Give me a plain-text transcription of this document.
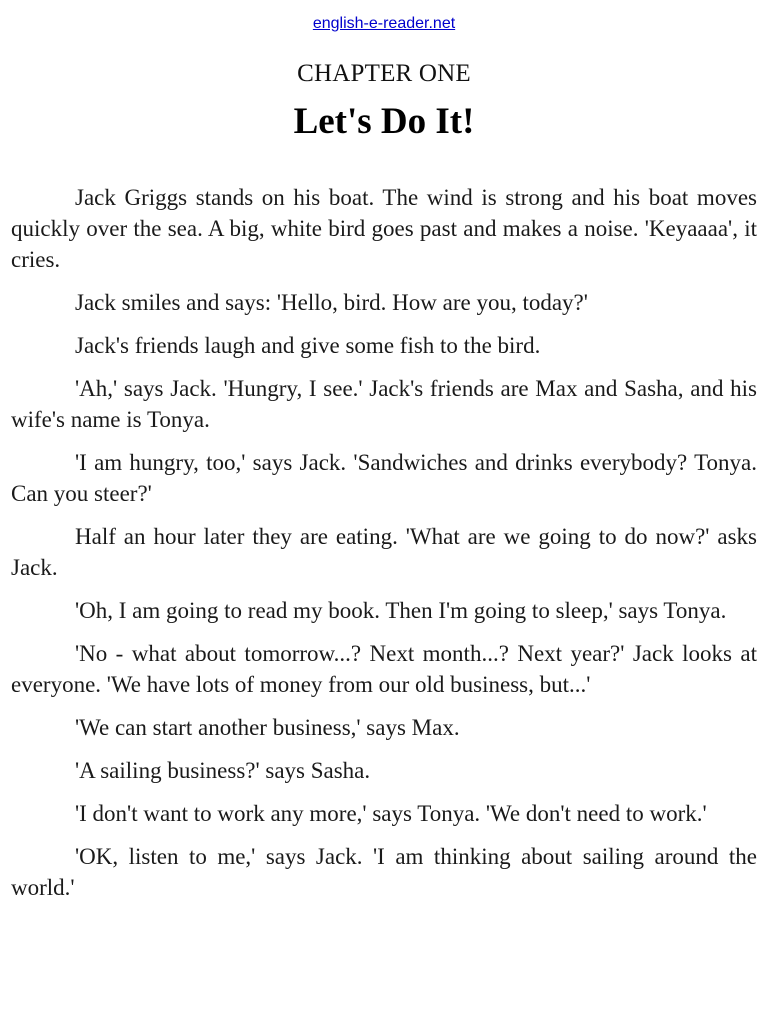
english-e-reader.net
CHAPTER ONE
Let's Do It!

Jack Griggs stands on his boat. The wind is strong and his boat moves quickly over the sea. A big, white bird goes past and makes a noise. 'Keyaaaa', it cries.

Jack smiles and says: 'Hello, bird. How are you, today?'

Jack's friends laugh and give some fish to the bird.

'Ah,' says Jack. 'Hungry, I see.' Jack's friends are Max and Sasha, and his wife's name is Tonya.

'I am hungry, too,' says Jack. 'Sandwiches and drinks everybody? Tonya. Can you steer?'

Half an hour later they are eating. 'What are we going to do now?' asks Jack.

'Oh, I am going to read my book. Then I'm going to sleep,' says Tonya.

'No - what about tomorrow...? Next month...? Next year?' Jack looks at everyone. 'We have lots of money from our old business, but...'

'We can start another business,' says Max.

'A sailing business?' says Sasha.

'I don't want to work any more,' says Tonya. 'We don't need to work.'

'OK, listen to me,' says Jack. 'I am thinking about sailing around the world.'
